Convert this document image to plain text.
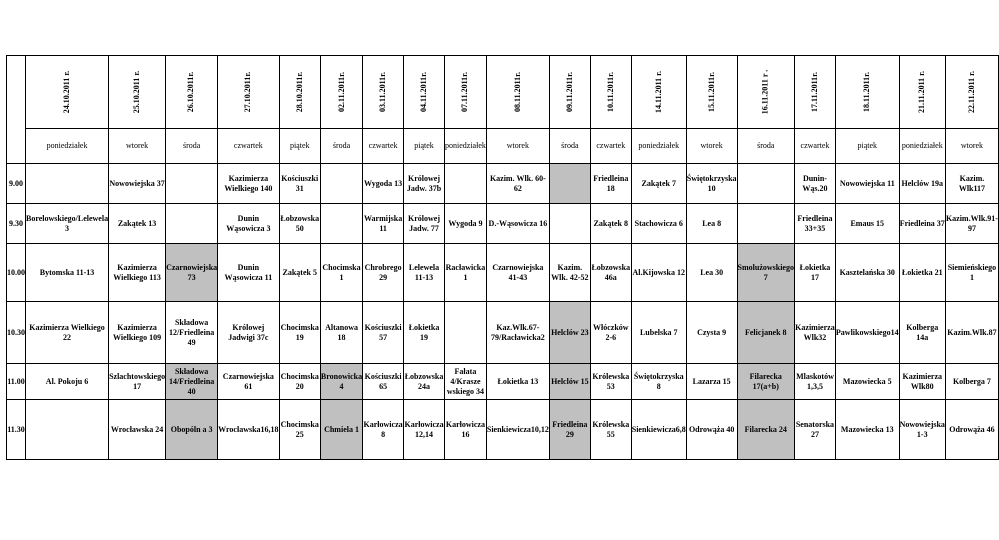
	24.10.2011 r.	25.10.2011 r.	26.10.2011r.	27.10.2011r.	28.10.2011r.	02.11.2011r.	03.11.2011r.	04.11.2011r.	07.11.2011r.	08.11.2011r.	09.11.2011r.	10.11.2011r.	14.11.2011 r.	15.11.2011r.	16.11.2011 r .	17.11.2011r.	18.11.2011r.	21.11.2011 r.	22.11.2011 r.
	poniedziałek	wtorek	środa	czwartek	piątek	środa	czwartek	piątek	poniedziałek	wtorek	środa	czwartek	poniedziałek	wtorek	środa	czwartek	piątek	poniedziałek	wtorek
9.00		Nowowiejska 37		Kazimierza Wielkiego 140	Kościuszki 31		Wygoda 13	Królowej Jadw. 37b		Kazim. Wlk. 60-62		Friedleina 18	Zakątek 7	Świętokrzyska 10		Dunin-Wąs.20	Nowowiejska 11	Helclów 19a	Kazim. Wlk117
9.30	Borelowskiego/Lelewela 3	Zakątek 13		Dunin Wąsowicza 3	Łobzowska 50		Warmijska 11	Królowej Jadw. 77	Wygoda 9	D.-Wąsowicza 16		Zakątek 8	Stachowicza 6	Lea 8		Friedleina 33+35	Emaus 15	Friedleina 37	Kazim.Wlk.91-97
10.00	Bytomska 11-13	Kazimierza Wielkiego 113	Czarnowiejska 73	Dunin Wąsowicza 11	Zakątek 5	Chocimska 1	Chrobrego 29	Lelewela 11-13	Racławicka 1	Czarnowiejska 41-43	Kazim. Wlk. 42-52	Łobzowska 46a	Al.Kijowska 12	Lea 30	Smolużowskiego 7	Łokietka 17	Kasztelańska 30	Łokietka 21	Siemieńskiego 1
10.30	Kazimierza Wielkiego 22	Kazimierza Wielkiego 109	Składowa 12/Friedleina 49	Królowej Jadwigi 37c	Chocimska 19	Altanowa 18	Kościuszki 57	Łokietka 19		Kaz.Wlk.67-79/Racławicka2	Helclów 23	Włóczków 2-6	Lubelska 7	Czysta 9	Felicjanek 8	Kazimierza Wlk32	Pawlikowskiego14	Kolberga 14a	Kazim.Wlk.87
11.00	Al. Pokoju 6	Szlachtowskiego 17	Składowa 14/Friedleina 40	Czarnowiejska 61	Chocimska 20	Bronowicka 4	Kościuszki 65	Łobzowska 24a	Fałata 4/Krasze wskiego 34	Łokietka 13	Helclów 15	Królewska 53	Świętokrzyska 8	Lazarza 15	Filarecka 17(a+b)	Mlaskotów 1,3,5	Mazowiecka 5	Kazimierza Wlk80	Kolberga 7
11.30		Wrocławska 24	Obopóln a 3	Wrocławska16,18	Chocimska 25	Chmiela 1	Karłowicza 8	Karłowicza 12,14	Karłowicza 16	Sienkiewicza10,12	Friedleina 29	Królewska 55	Sienkiewicza6,8	Odrowąża 40	Filarecka 24	Senatorska 27	Mazowiecka 13	Nowowiejska 1-3	Odrowąża 46
